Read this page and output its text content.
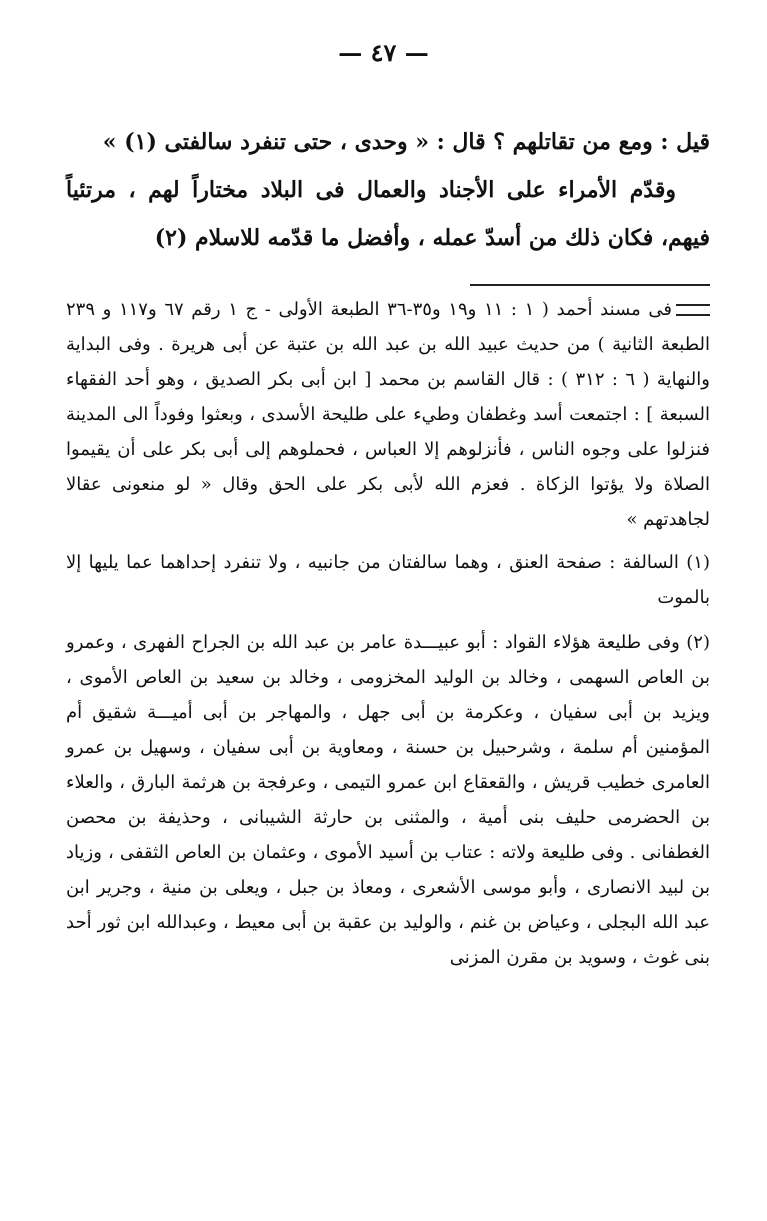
— ٤٧ —

قيل : ومع من تقاتلهم ؟ قال : « وحدى ، حتى تنفرد سالفتى (١) »

وقدّم الأمراء على الأجناد والعمال فى البلاد مختاراً لهم ، مرتئياً فيهم، فكان ذلك من أسدّ عمله ، وأفضل ما قدّمه للاسلام (٢)

فى مسند أحمد ( ١ : ١١ و١٩ و٣٥-٣٦ الطبعة الأولى - ج ١ رقم ٦٧ و١١٧ و ٢٣٩ الطبعة الثانية ) من حديث عبيد الله بن عبد الله بن عتبة عن أبى هريرة . وفى البداية والنهاية ( ٦ : ٣١٢ ) : قال القاسم بن محمد [ ابن أبى بكر الصديق ، وهو أحد الفقهاء السبعة ] : اجتمعت أسد وغطفان وطيء على طليحة الأسدى ، وبعثوا وفوداً الى المدينة فنزلوا على وجوه الناس ، فأنزلوهم إلا العباس ، فحملوهم إلى أبى بكر على أن يقيموا الصلاة ولا يؤتوا الزكاة . فعزم الله لأبى بكر على الحق وقال « لو منعونى عقالا لجاهدتهم »

(١) السالفة : صفحة العنق ، وهما سالفتان من جانبيه ، ولا تنفرد إحداهما عما يليها إلا بالموت

(٢) وفى طليعة هؤلاء القواد : أبو عبيـــدة عامر بن عبد الله بن الجراح الفهرى ، وعمرو بن العاص السهمى ، وخالد بن الوليد المخزومى ، وخالد بن سعيد بن العاص الأموى ، ويزيد بن أبى سفيان ، وعكرمة بن أبى جهل ، والمهاجر بن أبى أميـــة شقيق أم المؤمنين أم سلمة ، وشرحبيل بن حسنة ، ومعاوية بن أبى سفيان ، وسهيل بن عمرو العامرى خطيب قريش ، والقعقاع ابن عمرو التيمى ، وعرفجة بن هرثمة البارق ، والعلاء بن الحضرمى حليف بنى أمية ، والمثنى بن حارثة الشيبانى ، وحذيفة بن محصن الغطفانى . وفى طليعة ولاته : عتاب بن أسيد الأموى ، وعثمان بن العاص الثقفى ، وزياد بن لبيد الانصارى ، وأبو موسى الأشعرى ، ومعاذ بن جبل ، ويعلى بن منية ، وجرير ابن عبد الله البجلى ، وعياض بن غنم ، والوليد بن عقبة بن أبى معيط ، وعبدالله ابن ثور أحد بنى غوث ، وسويد بن مقرن المزنى
